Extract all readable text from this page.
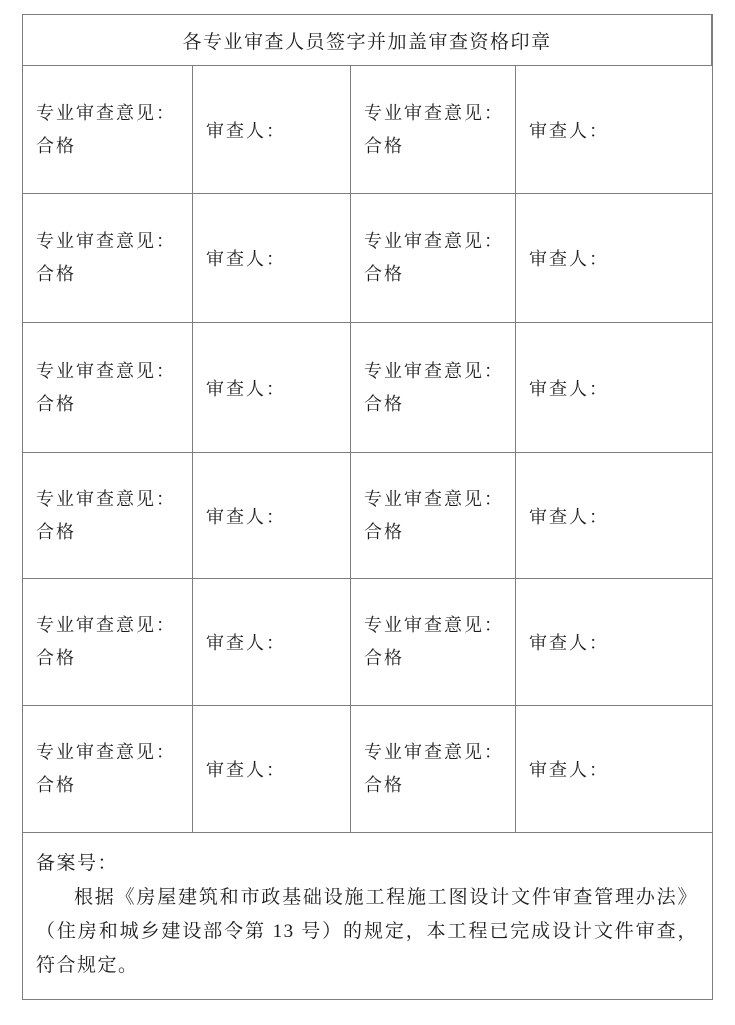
各专业审查人员签字并加盖审查资格印章
专业审查意见：
合格
审查人：
专业审查意见：
合格
审查人：
专业审查意见：
合格
审查人：
专业审查意见：
合格
审查人：
专业审查意见：
合格
审查人：
专业审查意见：
合格
审查人：
专业审查意见：
合格
审查人：
专业审查意见：
合格
审查人：
专业审查意见：
合格
审查人：
专业审查意见：
合格
审查人：
专业审查意见：
合格
审查人：
专业审查意见：
合格
审查人：
备案号：
根据《房屋建筑和市政基础设施工程施工图设计文件审查管理办法》（住房和城乡建设部令第 13 号）的规定，本工程已完成设计文件审查，符合规定。
